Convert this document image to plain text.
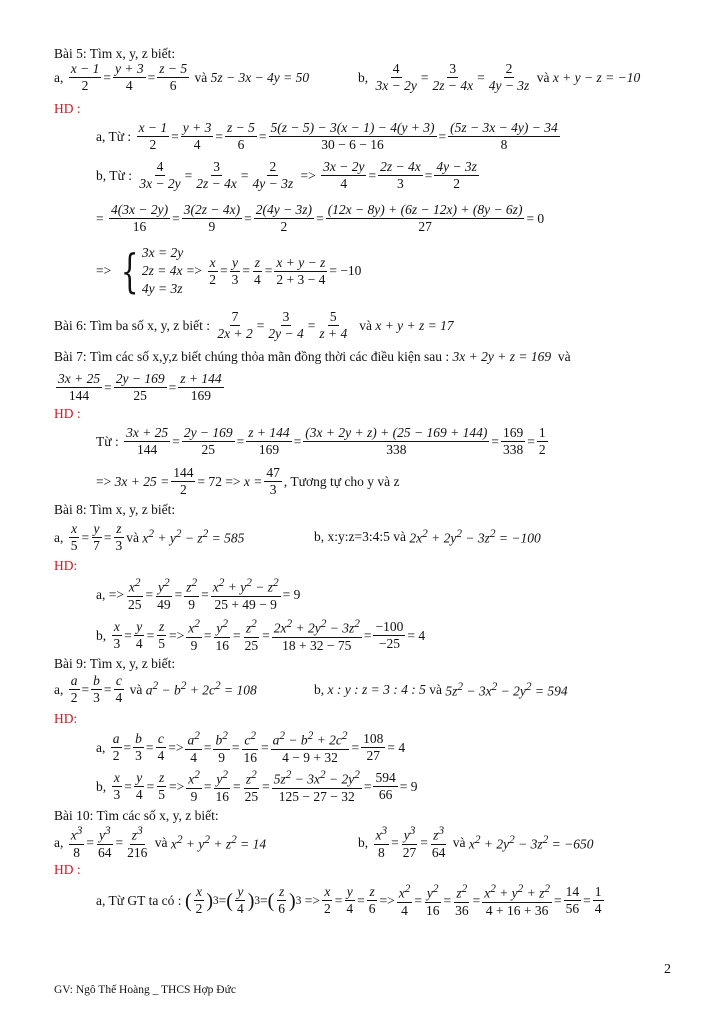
Bài 5: Tìm x, y, z biết:
a,
$\frac{x - 1}{2} = \frac{y + 3}{4} = \frac{z - 5}{6}$
và
5z − 3x − 4y = 50	b,
$\frac{4}{3x - 2y} = \frac{3}{2z - 4x} = \frac{2}{4y - 3z}$
và
x + y − z = −10
HD :
a, Từ :
$\frac{x - 1}{2} = \frac{y + 3}{4} = \frac{z - 5}{6} = \frac{5(z - 5) - 3(x - 1) - 4(y + 3)}{30 - 6 - 16} = \frac{(5z - 3x - 4y) - 34}{8}$
b, Từ :
$\frac{4}{3x - 2y} = \frac{3}{2z - 4x} = \frac{2}{4y - 3z} => \frac{3x - 2y}{4} = \frac{2z - 4x}{3} = \frac{4y - 3z}{2}$
= $\frac{4(3x - 2y)}{16} = \frac{3(2z - 4x)}{9} = \frac{2(4y - 3z)}{2} = \frac{(12x - 8y) + (6z - 12x) + (8y - 6z)}{27} = 0$
=> { 3x = 2y
2z = 4x
4y = 3z
=> $\frac{x}{2} = \frac{y}{3} = \frac{z}{4} = \frac{x + y - z}{2 + 3 - 4} = -10$
Bài 6: Tìm ba số x, y, z biết :
$\frac{7}{2x + 2} = \frac{3}{2y - 4} = \frac{5}{z + 4}$ và
x + y + z = 17
Bài 7: Tìm các số x,y,z biết chúng thỏa mãn đồng thời các điều kiện sau :
3x + 2y + z = 169
và
$\frac{3x + 25}{144} = \frac{2y - 169}{25} = \frac{z + 144}{169}$
HD :
Từ :
$\frac{3x + 25}{144} = \frac{2y - 169}{25} = \frac{z + 144}{169} = \frac{(3x + 2y + z) + (25 - 169 + 144)}{338} = \frac{169}{338} = \frac{1}{2}$
=> $3x + 25 = \frac{144}{2} = 72 => x = \frac{47}{3}$ , Tương tự cho y và z
Bài 8: Tìm x, y, z biết:
a,
$\frac{x}{5} = \frac{y}{7} = \frac{z}{3}$ và
$x^2 + y^2 - z^2 = 585$	b, x:y:z=3:4:5 và
$2x^2 + 2y^2 - 3z^2 = -100$
HD:
a, => $\frac{x^2}{25} = \frac{y^2}{49} = \frac{z^2}{9} = \frac{x^2 + y^2 - z^2}{25 + 49 - 9} = 9$
b,
$\frac{x}{3} = \frac{y}{4} = \frac{z}{5} => \frac{x^2}{9} = \frac{y^2}{16} = \frac{z^2}{25} = \frac{2x^2 + 2y^2 - 3z^2}{18 + 32 - 75} = \frac{-100}{-25} = 4$
Bài 9: Tìm x, y, z biết:
a,
$\frac{a}{2} = \frac{b}{3} = \frac{c}{4}$
và
$a^2 - b^2 + 2c^2 = 108$	b,
x : y : z = 3 : 4 : 5
và
$5z^2 - 3x^2 - 2y^2 = 594$
HD:
a,
$\frac{a}{2} = \frac{b}{3} = \frac{c}{4} => \frac{a^2}{4} = \frac{b^2}{9} = \frac{c^2}{16} = \frac{a^2 - b^2 + 2c^2}{4 - 9 + 32} = \frac{108}{27} = 4$
b,
$\frac{x}{3} = \frac{y}{4} = \frac{z}{5} => \frac{x^2}{9} = \frac{y^2}{16} = \frac{z^2}{25} = \frac{5z^2 - 3x^2 - 2y^2}{125 - 27 - 32} = \frac{594}{66} = 9$
Bài 10: Tìm các số x, y, z biết:
a,
$\frac{x^3}{8} = \frac{y^3}{64} = \frac{z^3}{216}$
và
$x^2 + y^2 + z^2 = 14$	b,
$\frac{x^3}{8} = \frac{y^3}{27} = \frac{z^3}{64}$
và
$x^2 + 2y^2 - 3z^2 = -650$
HD :
a, Từ GT ta có :
( $\frac{x}{2}$ ) 3 = ( $\frac{y}{4}$ ) 3 = ( $\frac{z}{6}$ ) $3 => \frac{x}{2} = \frac{y}{4} = \frac{z}{6} => \frac{x^2}{4} = \frac{y^2}{16} = \frac{z^2}{36} = \frac{x^2 + y^2 + z^2}{4 + 16 + 36} = \frac{14}{56} = \frac{1}{4}$
2
GV: Ngô Thế Hoàng _ THCS Hợp Đức
